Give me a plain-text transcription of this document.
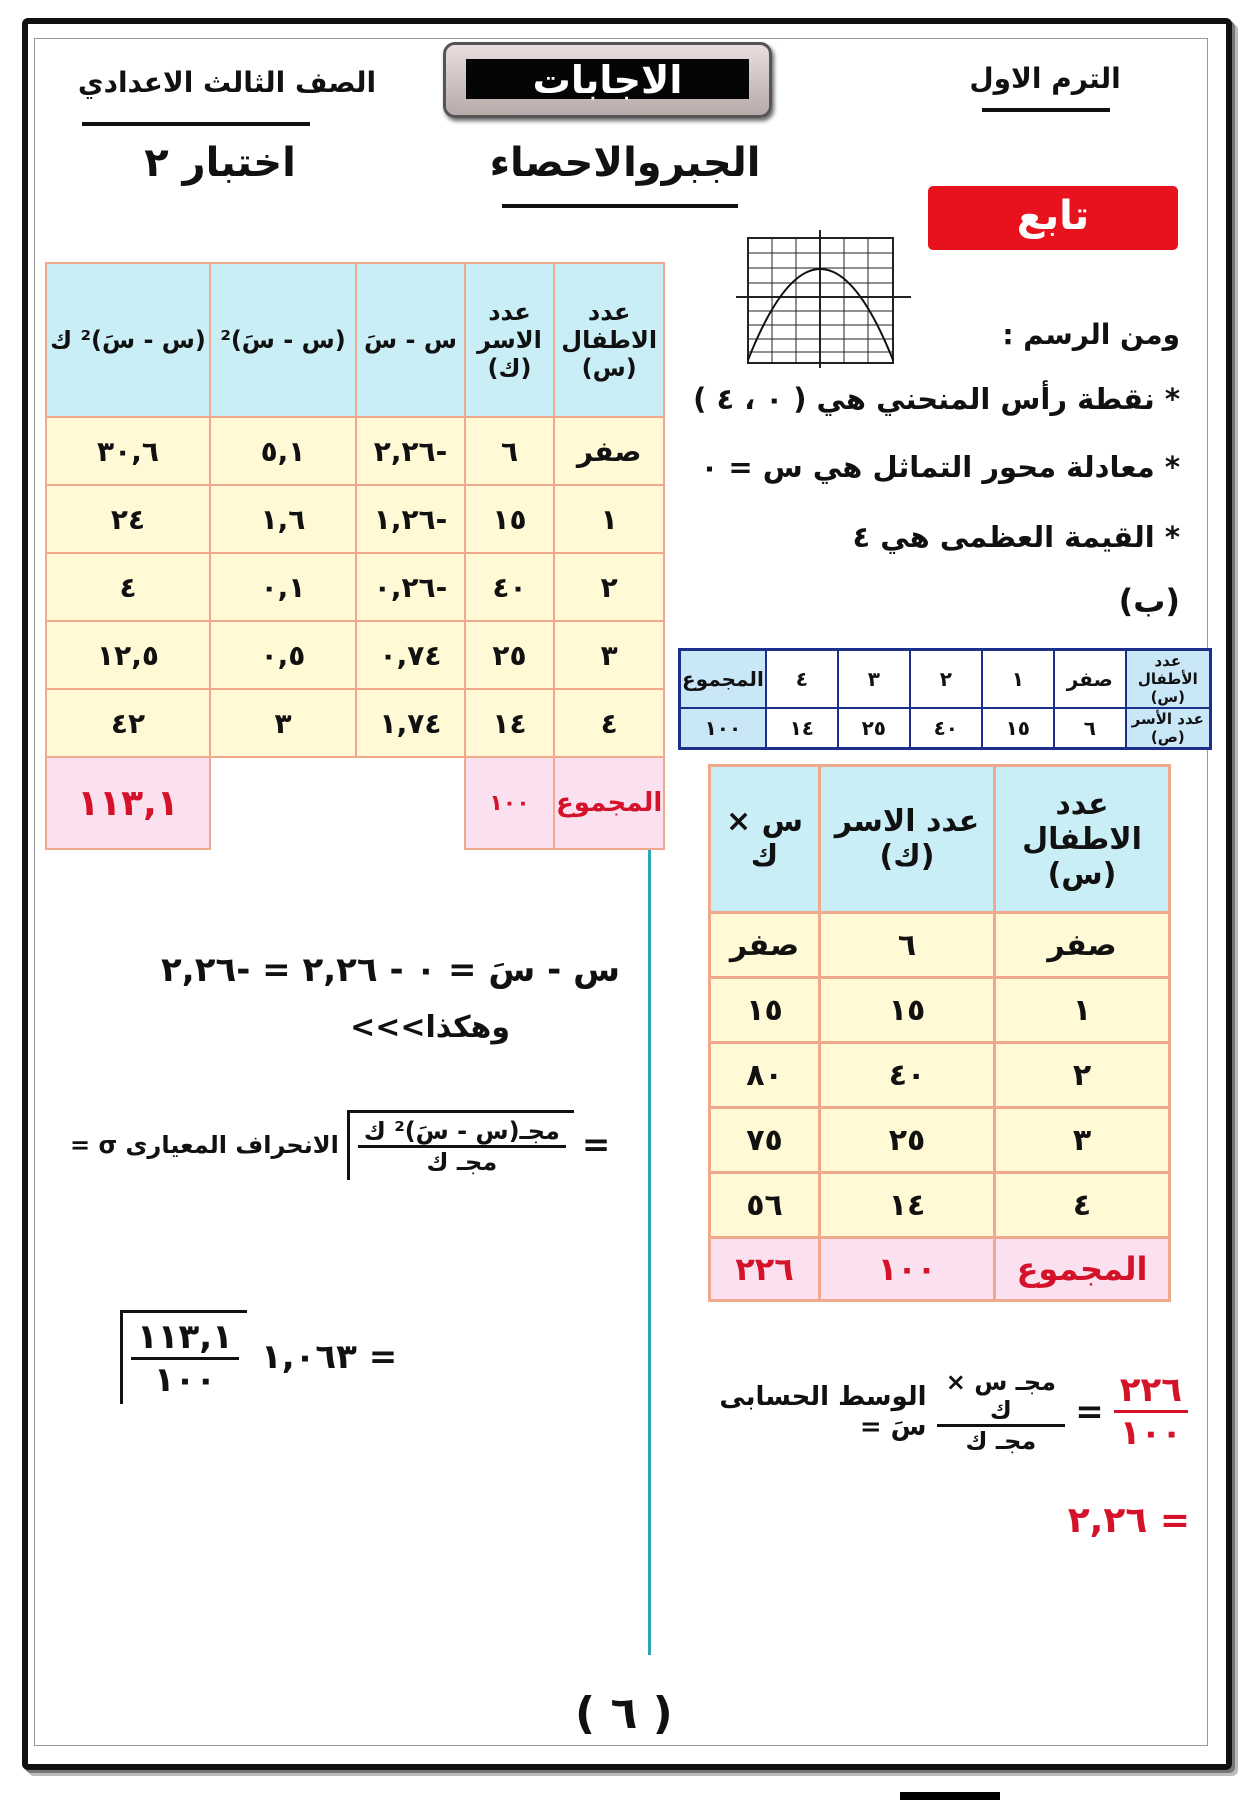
الصف الثالث الاعدادي
اختبار ٢
الاجابات
الجبروالاحصاء
الترم الاول
تابع
ومن الرسم :
* نقطة رأس المنحني هي ( ٠ ، ٤ )
* معادلة محور التماثل هي س = ٠
* القيمة العظمى هي ٤
(ب)
عدد الأطفال (س)	صفر	١	٢	٣	٤	المجموع
عدد الأسر (ص)	٦	١٥	٤٠	٢٥	١٤	١٠٠
عدد الاطفال (س)	عدد الاسر (ك)	س × ك
صفر	٦	صفر
١	١٥	١٥
٢	٤٠	٨٠
٣	٢٥	٧٥
٤	١٤	٥٦
المجموع	١٠٠	٢٢٦
الوسط الحسابى سَ = $\frac{\text{مجـ س × ك}}{\text{مجـ ك}} = \frac{٢٢٦}{١٠٠}$
= ٢,٢٦
عدد الاطفال (س)	عدد الاسر (ك)	س - سَ	(س - سَ)²	(س - سَ)² ك
صفر	٦	-٢,٢٦	٥,١	٣٠,٦
١	١٥	-١,٢٦	١,٦	٢٤
٢	٤٠	-٠,٢٦	٠,١	٤
٣	٢٥	٠,٧٤	٠,٥	١٢,٥
٤	١٤	١,٧٤	٣	٤٢
المجموع	١٠٠			١١٣,١
س - سَ = ٠ - ٢,٢٦ = -٢,٢٦
وهكذا>>>
الانحراف المعيارى $\sigma = \frac{\text{مجـ(س - سَ)² ك}}{\text{مجـ ك}}$ =
$\frac{١١٣,١}{١٠٠}$ = ١,٠٦٣
( ٦ )
